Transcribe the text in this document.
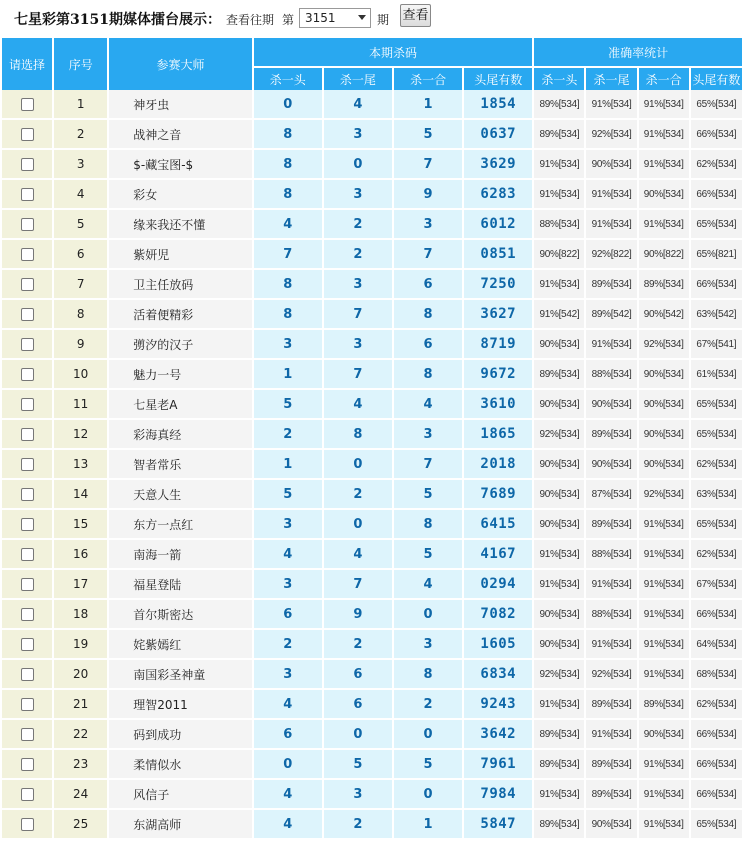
七星彩第3151期媒体擂台展示： 查看往期 第 3151	期 查看
请选择	序号	参赛大师	本期杀码				准确率统计			
			杀一头	杀一尾	杀一合	头尾有数	杀一头	杀一尾	杀一合	头尾有数
	1	神牙虫	0	4	1	1854	89%[534]	91%[534]	91%[534]	65%[534]
	2	战神之音	8	3	5	0637	89%[534]	92%[534]	91%[534]	66%[534]
	3	$-藏宝图-$	8	0	7	3629	91%[534]	90%[534]	91%[534]	62%[534]
	4	彩女	8	3	9	6283	91%[534]	91%[534]	90%[534]	66%[534]
	5	缘来我还不懂	4	2	3	6012	88%[534]	91%[534]	91%[534]	65%[534]
	6	紫妍児	7	2	7	0851	90%[822]	92%[822]	90%[822]	65%[821]
	7	卫主任放码	8	3	6	7250	91%[534]	89%[534]	89%[534]	66%[534]
	8	活着便精彩	8	7	8	3627	91%[542]	89%[542]	90%[542]	63%[542]
	9	彅汐的汉子	3	3	6	8719	90%[534]	91%[534]	92%[534]	67%[541]
	10	魅力一号	1	7	8	9672	89%[534]	88%[534]	90%[534]	61%[534]
	11	七星老A	5	4	4	3610	90%[534]	90%[534]	90%[534]	65%[534]
	12	彩海真经	2	8	3	1865	92%[534]	89%[534]	90%[534]	65%[534]
	13	智者常乐	1	0	7	2018	90%[534]	90%[534]	90%[534]	62%[534]
	14	天意人生	5	2	5	7689	90%[534]	87%[534]	92%[534]	63%[534]
	15	东方一点红	3	0	8	6415	90%[534]	89%[534]	91%[534]	65%[534]
	16	南海一箭	4	4	5	4167	91%[534]	88%[534]	91%[534]	62%[534]
	17	福星登陆	3	7	4	0294	91%[534]	91%[534]	91%[534]	67%[534]
	18	首尔斯密达	6	9	0	7082	90%[534]	88%[534]	91%[534]	66%[534]
	19	姹紫嫣红	2	2	3	1605	90%[534]	91%[534]	91%[534]	64%[534]
	20	南国彩圣神童	3	6	8	6834	92%[534]	92%[534]	91%[534]	68%[534]
	21	理智2011	4	6	2	9243	91%[534]	89%[534]	89%[534]	62%[534]
	22	码到成功	6	0	0	3642	89%[534]	91%[534]	90%[534]	66%[534]
	23	柔情似水	0	5	5	7961	89%[534]	89%[534]	91%[534]	66%[534]
	24	风信子	4	3	0	7984	91%[534]	89%[534]	91%[534]	66%[534]
	25	东湖高师	4	2	1	5847	89%[534]	90%[534]	91%[534]	65%[534]
